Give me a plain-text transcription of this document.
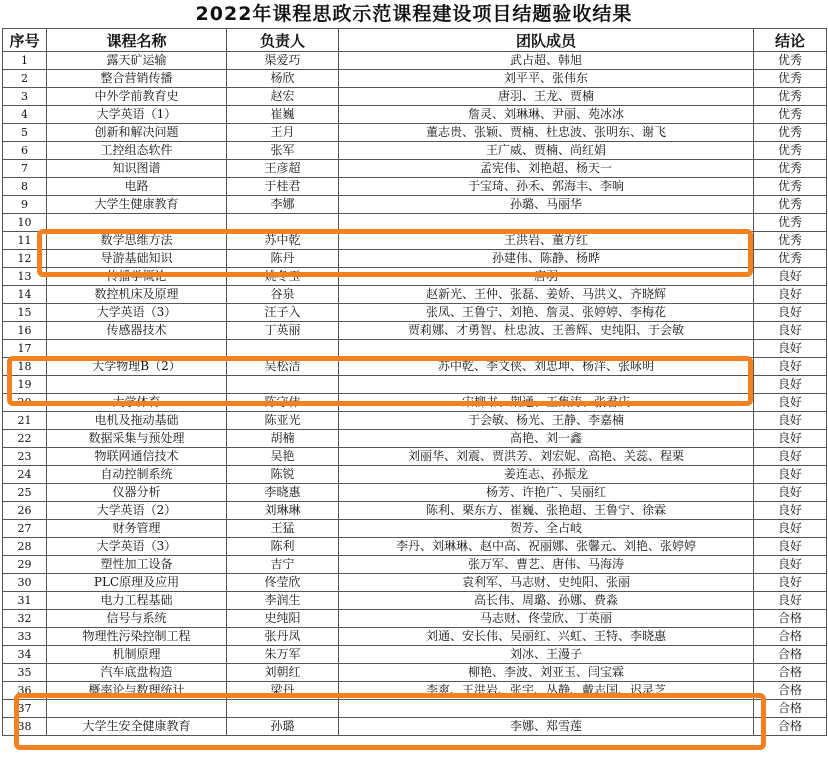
2022年课程思政示范课程建设项目结题验收结果
序号	课程名称	负责人	团队成员	结论
1	露天矿运输	渠爱巧	武占超、韩旭	优秀
2	整合营销传播	杨欣	刘平平、张伟东	优秀
3	中外学前教育史	赵宏	唐羽、王龙、贾楠	优秀
4	大学英语（1）	崔巍	詹灵、刘琳琳、尹丽、苑冰冰	优秀
5	创新和解决问题	王月	董志贵、张颖、贾楠、杜忠波、张明东、谢飞	优秀
6	工控组态软件	张军	王广威、贾楠、尚红娟	优秀
7	知识图谱	王彦超	孟宪伟、刘艳超、杨天一	优秀
8	电路	于桂君	于宝琦、孙禾、郭海丰、李响	优秀
9	大学生健康教育	李娜	孙璐、马丽华	优秀
10				优秀
11	数学思维方法	苏中乾	王洪岩、董方红	优秀
12	导游基础知识	陈丹	孙建伟、陈静、杨晔	优秀
13	传播学概论	姚冬玉	唐羽	良好
14	数控机床及原理	谷泉	赵新光、王仲、张磊、姜娇、马洪义、齐晓辉	良好
15	大学英语（3）	汪子入	张凤、王鲁宁、刘艳、詹灵、张婷婷、李梅花	良好
16	传感器技术	丁英丽	贾莉娜、才勇智、杜忠波、王善辉、史纯阳、于会敏	良好
17				良好
18	大学物理B（2）	吴松洁	苏中乾、李文侠、刘忠坤、杨洋、张咏明	良好
19				良好
20	大学体育	陈守伟	宋柳书、荆通、王集涛、张君庆	良好
21	电机及拖动基础	陈亚光	于会敏、杨光、王静、李嘉楠	良好
22	数据采集与预处理	胡楠	高艳、刘一鑫	良好
23	物联网通信技术	吴艳	刘丽华、刘震、贾洪芳、刘宏妮、高艳、关蕊、程栗	良好
24	自动控制系统	陈锐	姜连志、孙振龙	良好
25	仪器分析	李晓惠	杨芳、许艳广、吴丽红	良好
26	大学英语（2）	刘琳琳	陈利、栗东方、崔巍、张艳超、王鲁宁、徐霖	良好
27	财务管理	王猛	贺芳、全占岐	良好
28	大学英语（3）	陈利	李丹、刘琳琳、赵中高、祝丽娜、张馨元、刘艳、张婷婷	良好
29	塑性加工设备	吉宁	张万军、曹艺、唐伟、马海涛	良好
30	PLC原理及应用	佟莹欣	袁利军、马志财、史纯阳、张丽	良好
31	电力工程基础	李润生	高长伟、周璐、孙娜、费淼	良好
32	信号与系统	史纯阳	马志财、佟莹欣、丁英丽	合格
33	物理性污染控制工程	张丹凤	刘通、安长伟、吴丽红、兴虹、王特、李晓惠	合格
34	机制原理	朱万军	刘冰、王漫子	合格
35	汽车底盘构造	刘朝红	柳艳、李波、刘亚玉、闫宝霖	合格
36	概率论与数理统计	梁丹	李爽、王洪岩、张宇、丛静、戴志国、迟灵芝	合格
37				合格
38	大学生安全健康教育	孙璐	李娜、郑雪莲	合格
